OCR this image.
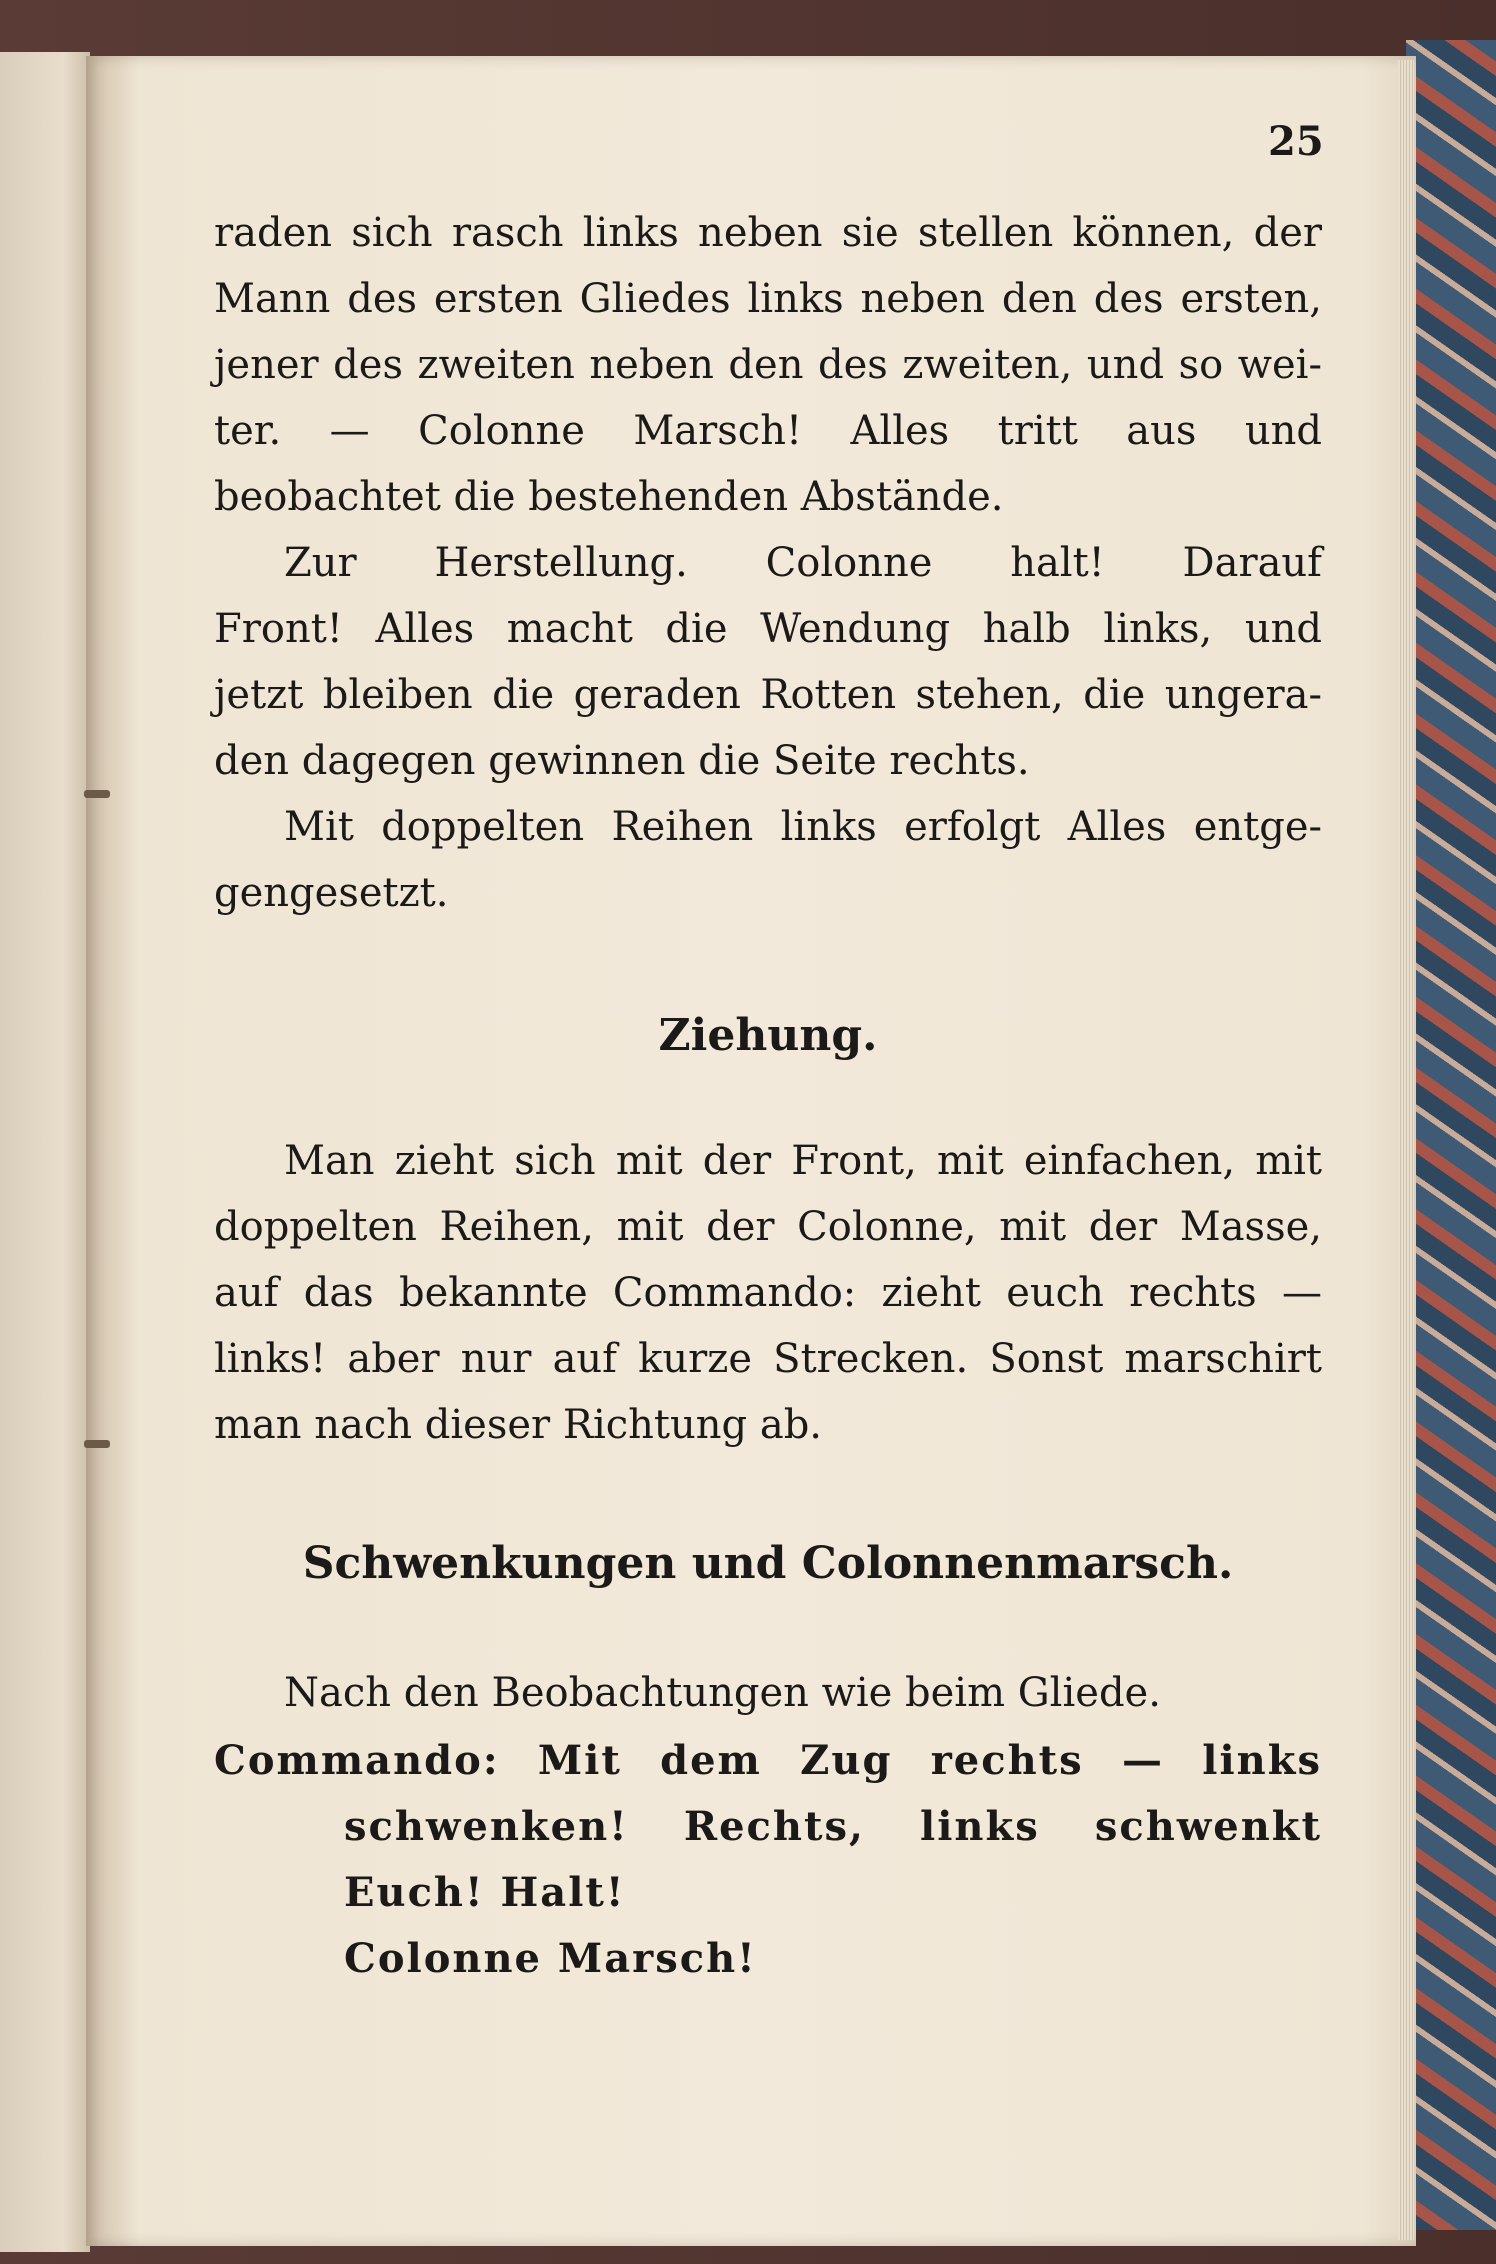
25
raden sich rasch links neben sie stellen können, der
Mann des ersten Gliedes links neben den des ersten,
jener des zweiten neben den des zweiten, und so wei-
ter. — Colonne Marsch! Alles tritt aus und
beobachtet die bestehenden Abstände.
Zur Herstellung. Colonne halt! Darauf
Front! Alles macht die Wendung halb links, und
jetzt bleiben die geraden Rotten stehen, die ungera-
den dagegen gewinnen die Seite rechts.
Mit doppelten Reihen links erfolgt Alles entge-
gengesetzt.
Ziehung.
Man zieht sich mit der Front, mit einfachen, mit
doppelten Reihen, mit der Colonne, mit der Masse,
auf das bekannte Commando: zieht euch rechts —
links! aber nur auf kurze Strecken. Sonst marschirt
man nach dieser Richtung ab.
Schwenkungen und Colonnenmarsch.
Nach den Beobachtungen wie beim Gliede.
Commando: Mit dem Zug rechts — links
schwenken! Rechts, links schwenkt
Euch! Halt!
Colonne Marsch!
